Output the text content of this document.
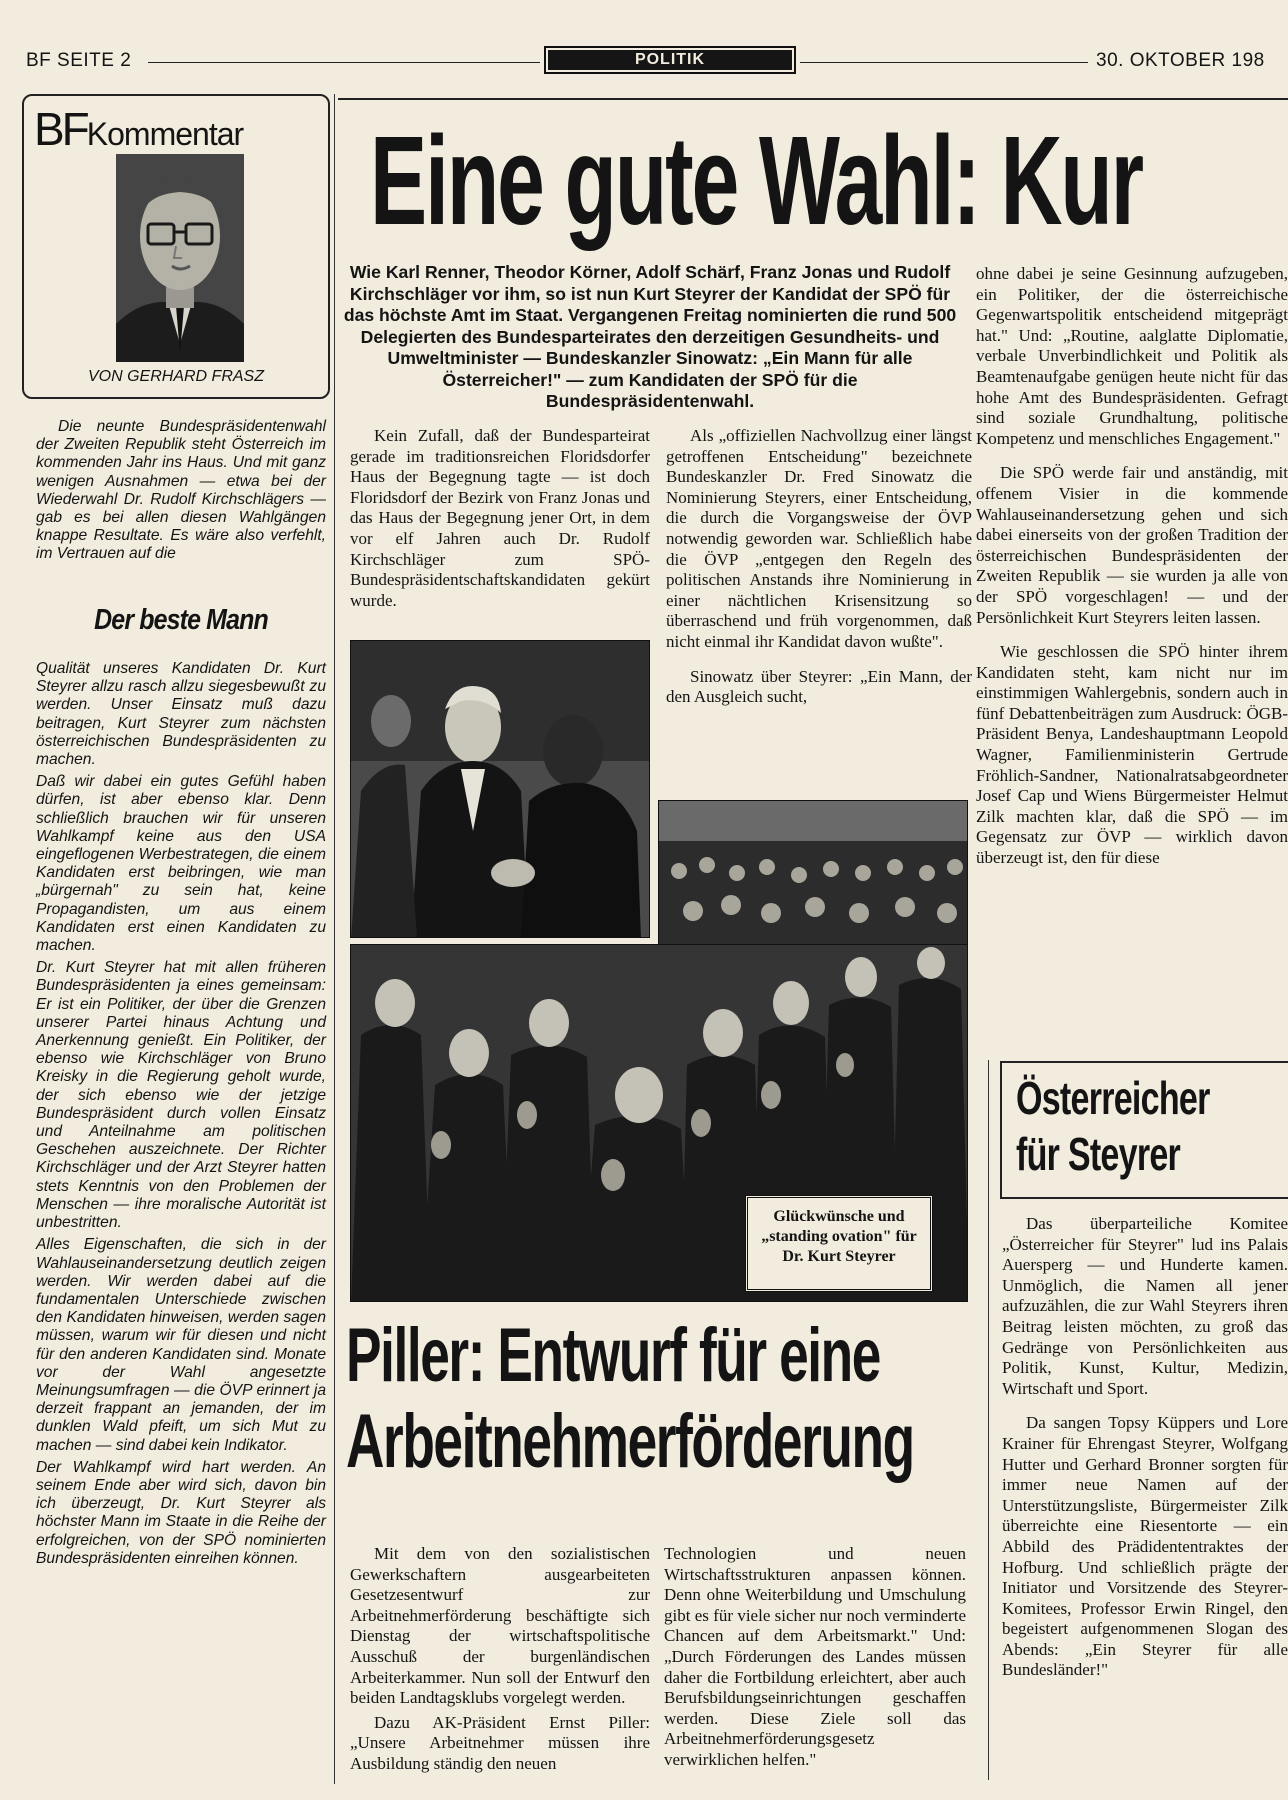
BF SEITE 2	POLITIK	30. OKTOBER 198
BFKommentar
VON GERHARD FRASZ

Die neunte Bundespräsidentenwahl der Zweiten Republik steht Österreich im kommenden Jahr ins Haus. Und mit ganz wenigen Ausnahmen — etwa bei der Wiederwahl Dr. Rudolf Kirchschlägers — gab es bei allen diesen Wahlgängen knappe Resultate. Es wäre also verfehlt, im Vertrauen auf die

Der beste Mann

Qualität unseres Kandidaten Dr. Kurt Steyrer allzu rasch allzu siegesbewußt zu werden. Unser Einsatz muß dazu beitragen, Kurt Steyrer zum nächsten österreichischen Bundespräsidenten zu machen.

Daß wir dabei ein gutes Gefühl haben dürfen, ist aber ebenso klar. Denn schließlich brauchen wir für unseren Wahlkampf keine aus den USA eingeflogenen Werbestrategen, die einem Kandidaten erst beibringen, wie man „bürgernah" zu sein hat, keine Propagandisten, um aus einem Kandidaten erst einen Kandidaten zu machen.

Dr. Kurt Steyrer hat mit allen früheren Bundespräsidenten ja eines gemeinsam: Er ist ein Politiker, der über die Grenzen unserer Partei hinaus Achtung und Anerkennung genießt. Ein Politiker, der ebenso wie Kirchschläger von Bruno Kreisky in die Regierung geholt wurde, der sich ebenso wie der jetzige Bundespräsident durch vollen Einsatz und Anteilnahme am politischen Geschehen auszeichnete. Der Richter Kirchschläger und der Arzt Steyrer hatten stets Kenntnis von den Problemen der Menschen — ihre moralische Autorität ist unbestritten.

Alles Eigenschaften, die sich in der Wahlauseinandersetzung deutlich zeigen werden. Wir werden dabei auf die fundamentalen Unterschiede zwischen den Kandidaten hinweisen, werden sagen müssen, warum wir für diesen und nicht für den anderen Kandidaten sind. Monate vor der Wahl angesetzte Meinungsumfragen — die ÖVP erinnert ja derzeit frappant an jemanden, der im dunklen Wald pfeift, um sich Mut zu machen — sind dabei kein Indikator.

Der Wahlkampf wird hart werden. An seinem Ende aber wird sich, davon bin ich überzeugt, Dr. Kurt Steyrer als höchster Mann im Staate in die Reihe der erfolgreichen, von der SPÖ nominierten Bundespräsidenten einreihen können.

Eine gute Wahl: Kur
Wie Karl Renner, Theodor Körner, Adolf Schärf, Franz Jonas und Rudolf Kirchschläger vor ihm, so ist nun Kurt Steyrer der Kandidat der SPÖ für das höchste Amt im Staat. Vergangenen Freitag nominierten die rund 500 Delegierten des Bundesparteirates den derzeitigen Gesundheits- und Umweltminister — Bundeskanzler Sinowatz: „Ein Mann für alle Österreicher!" — zum Kandidaten der SPÖ für die Bundespräsidentenwahl.

Kein Zufall, daß der Bundesparteirat gerade im traditionsreichen Floridsdorfer Haus der Begegnung tagte — ist doch Floridsdorf der Bezirk von Franz Jonas und das Haus der Begegnung jener Ort, in dem vor elf Jahren auch Dr. Rudolf Kirchschläger zum SPÖ-Bundespräsidentschaftskandidaten gekürt wurde.

Als „offiziellen Nachvollzug einer längst getroffenen Entscheidung" bezeichnete Bundeskanzler Dr. Fred Sinowatz die Nominierung Steyrers, einer Entscheidung, die durch die Vorgangsweise der ÖVP notwendig geworden war. Schließlich habe die ÖVP „entgegen den Regeln des politischen Anstands ihre Nominierung in einer nächtlichen Krisensitzung so überraschend und früh vorgenommen, daß nicht einmal ihr Kandidat davon wußte".

Sinowatz über Steyrer: „Ein Mann, der den Ausgleich sucht,

ohne dabei je seine Gesinnung aufzugeben, ein Politiker, der die österreichische Gegenwartspolitik entscheidend mitgeprägt hat." Und: „Routine, aalglatte Diplomatie, verbale Unverbindlichkeit und Politik als Beamtenaufgabe genügen heute nicht für das hohe Amt des Bundespräsidenten. Gefragt sind soziale Grundhaltung, politische Kompetenz und menschliches Engagement."

Die SPÖ werde fair und anständig, mit offenem Visier in die kommende Wahlauseinandersetzung gehen und sich dabei einerseits von der großen Tradition der österreichischen Bundespräsidenten der Zweiten Republik — sie wurden ja alle von der SPÖ vorgeschlagen! — und der Persönlichkeit Kurt Steyrers leiten lassen.

Wie geschlossen die SPÖ hinter ihrem Kandidaten steht, kam nicht nur im einstimmigen Wahlergebnis, sondern auch in fünf Debattenbeiträgen zum Ausdruck: ÖGB-Präsident Benya, Landeshauptmann Leopold Wagner, Familienministerin Gertrude Fröhlich-Sandner, Nationalratsabgeordneter Josef Cap und Wiens Bürgermeister Helmut Zilk machten klar, daß die SPÖ — im Gegensatz zur ÖVP — wirklich davon überzeugt ist, den für diese

Glückwünsche und „standing ovation" für Dr. Kurt Steyrer
Österreicher
für Steyrer

Das überparteiliche Komitee „Österreicher für Steyrer" lud ins Palais Auersperg — und Hunderte kamen. Unmöglich, die Namen all jener aufzuzählen, die zur Wahl Steyrers ihren Beitrag leisten möchten, zu groß das Gedränge von Persönlichkeiten aus Politik, Kunst, Kultur, Medizin, Wirtschaft und Sport.

Da sangen Topsy Küppers und Lore Krainer für Ehrengast Steyrer, Wolfgang Hutter und Gerhard Bronner sorgten für immer neue Namen auf der Unterstützungsliste, Bürgermeister Zilk überreichte eine Riesentorte — ein Abbild des Prädidententraktes der Hofburg. Und schließlich prägte der Initiator und Vorsitzende des Steyrer-Komitees, Professor Erwin Ringel, den begeistert aufgenommenen Slogan des Abends: „Ein Steyrer für alle Bundesländer!"

Piller: Entwurf für eine
Arbeitnehmerförderung

Mit dem von den sozialistischen Gewerkschaftern ausgearbeiteten Gesetzesentwurf zur Arbeitnehmerförderung beschäftigte sich Dienstag der wirtschaftspolitische Ausschuß der burgenländischen Arbeiterkammer. Nun soll der Entwurf den beiden Landtagsklubs vorgelegt werden.

Dazu AK-Präsident Ernst Piller: „Unsere Arbeitnehmer müssen ihre Ausbildung ständig den neuen

Technologien und neuen Wirtschaftsstrukturen anpassen können. Denn ohne Weiterbildung und Umschulung gibt es für viele sicher nur noch verminderte Chancen auf dem Arbeitsmarkt." Und: „Durch Förderungen des Landes müssen daher die Fortbildung erleichtert, aber auch Berufsbildungseinrichtungen geschaffen werden. Diese Ziele soll das Arbeitnehmerförderungsgesetz verwirklichen helfen."
